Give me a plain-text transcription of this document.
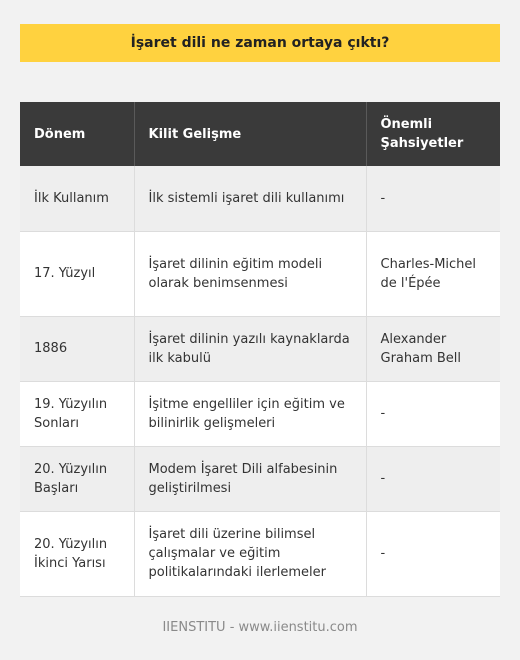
İşaret dili ne zaman ortaya çıktı?
Dönem	Kilit Gelişme	Önemli Şahsiyetler
İlk Kullanım	İlk sistemli işaret dili kullanımı	-
17. Yüzyıl	İşaret dilinin eğitim modeli olarak benimsenmesi	Charles-Michel de l'Épée
1886	İşaret dilinin yazılı kaynaklarda ilk kabulü	Alexander Graham Bell
19. Yüzyılın Sonları	İşitme engelliler için eğitim ve bilinirlik gelişmeleri	-
20. Yüzyılın Başları	Modem İşaret Dili alfabesinin geliştirilmesi	-
20. Yüzyılın İkinci Yarısı	İşaret dili üzerine bilimsel çalışmalar ve eğitim politikalarındaki ilerlemeler	-
IIENSTITU - www.iienstitu.com
